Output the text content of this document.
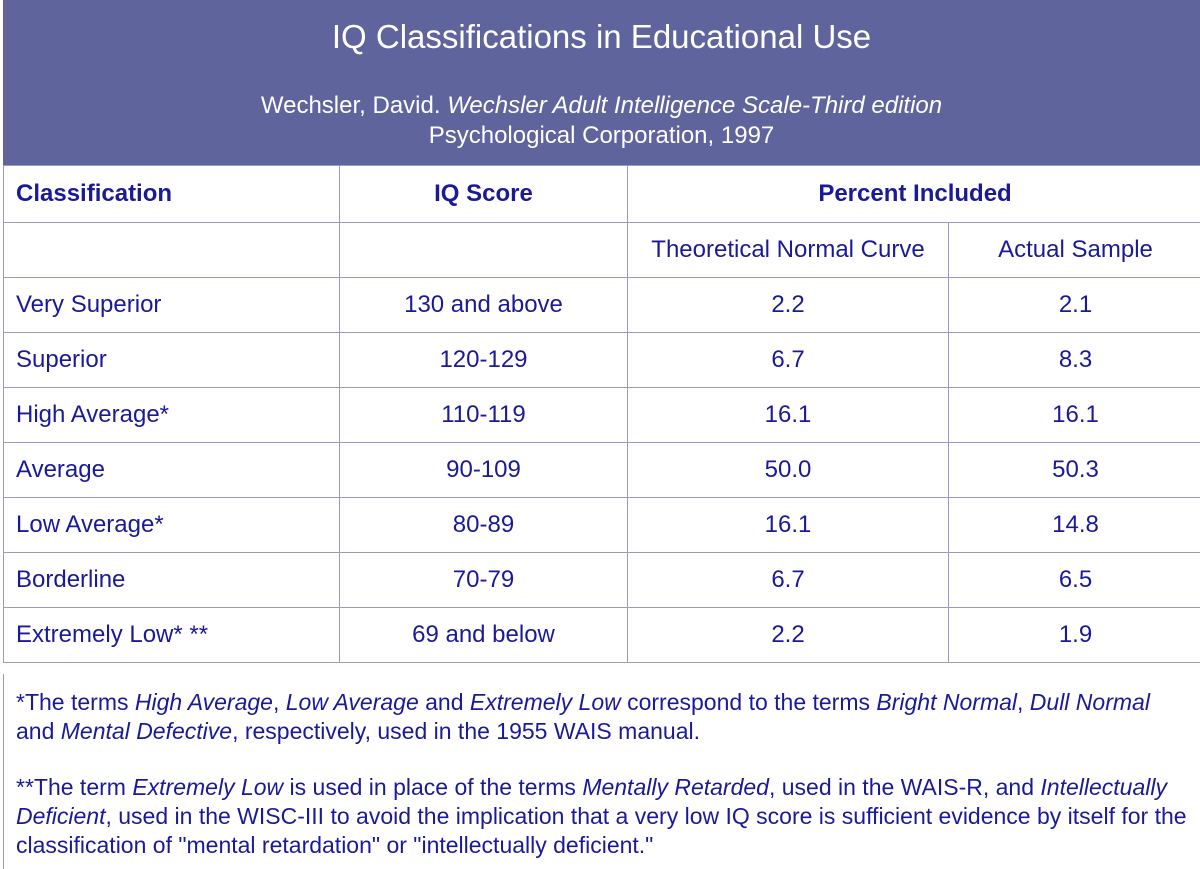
IQ Classifications in Educational Use
Wechsler, David. Wechsler Adult Intelligence Scale-Third edition
Psychological Corporation, 1997
Classification	IQ Score	Percent Included	
		Theoretical Normal Curve	Actual Sample
Very Superior	130 and above	2.2	2.1
Superior	120-129	6.7	8.3
High Average*	110-119	16.1	16.1
Average	90-109	50.0	50.3
Low Average*	80-89	16.1	14.8
Borderline	70-79	6.7	6.5
Extremely Low* **	69 and below	2.2	1.9

*The terms High Average, Low Average and Extremely Low correspond to the terms Bright Normal, Dull Normal and Mental Defective, respectively, used in the 1955 WAIS manual.

**The term Extremely Low is used in place of the terms Mentally Retarded, used in the WAIS-R, and Intellectually Deficient, used in the WISC-III to avoid the implication that a very low IQ score is sufficient evidence by itself for the classification of "mental retardation" or "intellectually deficient."
